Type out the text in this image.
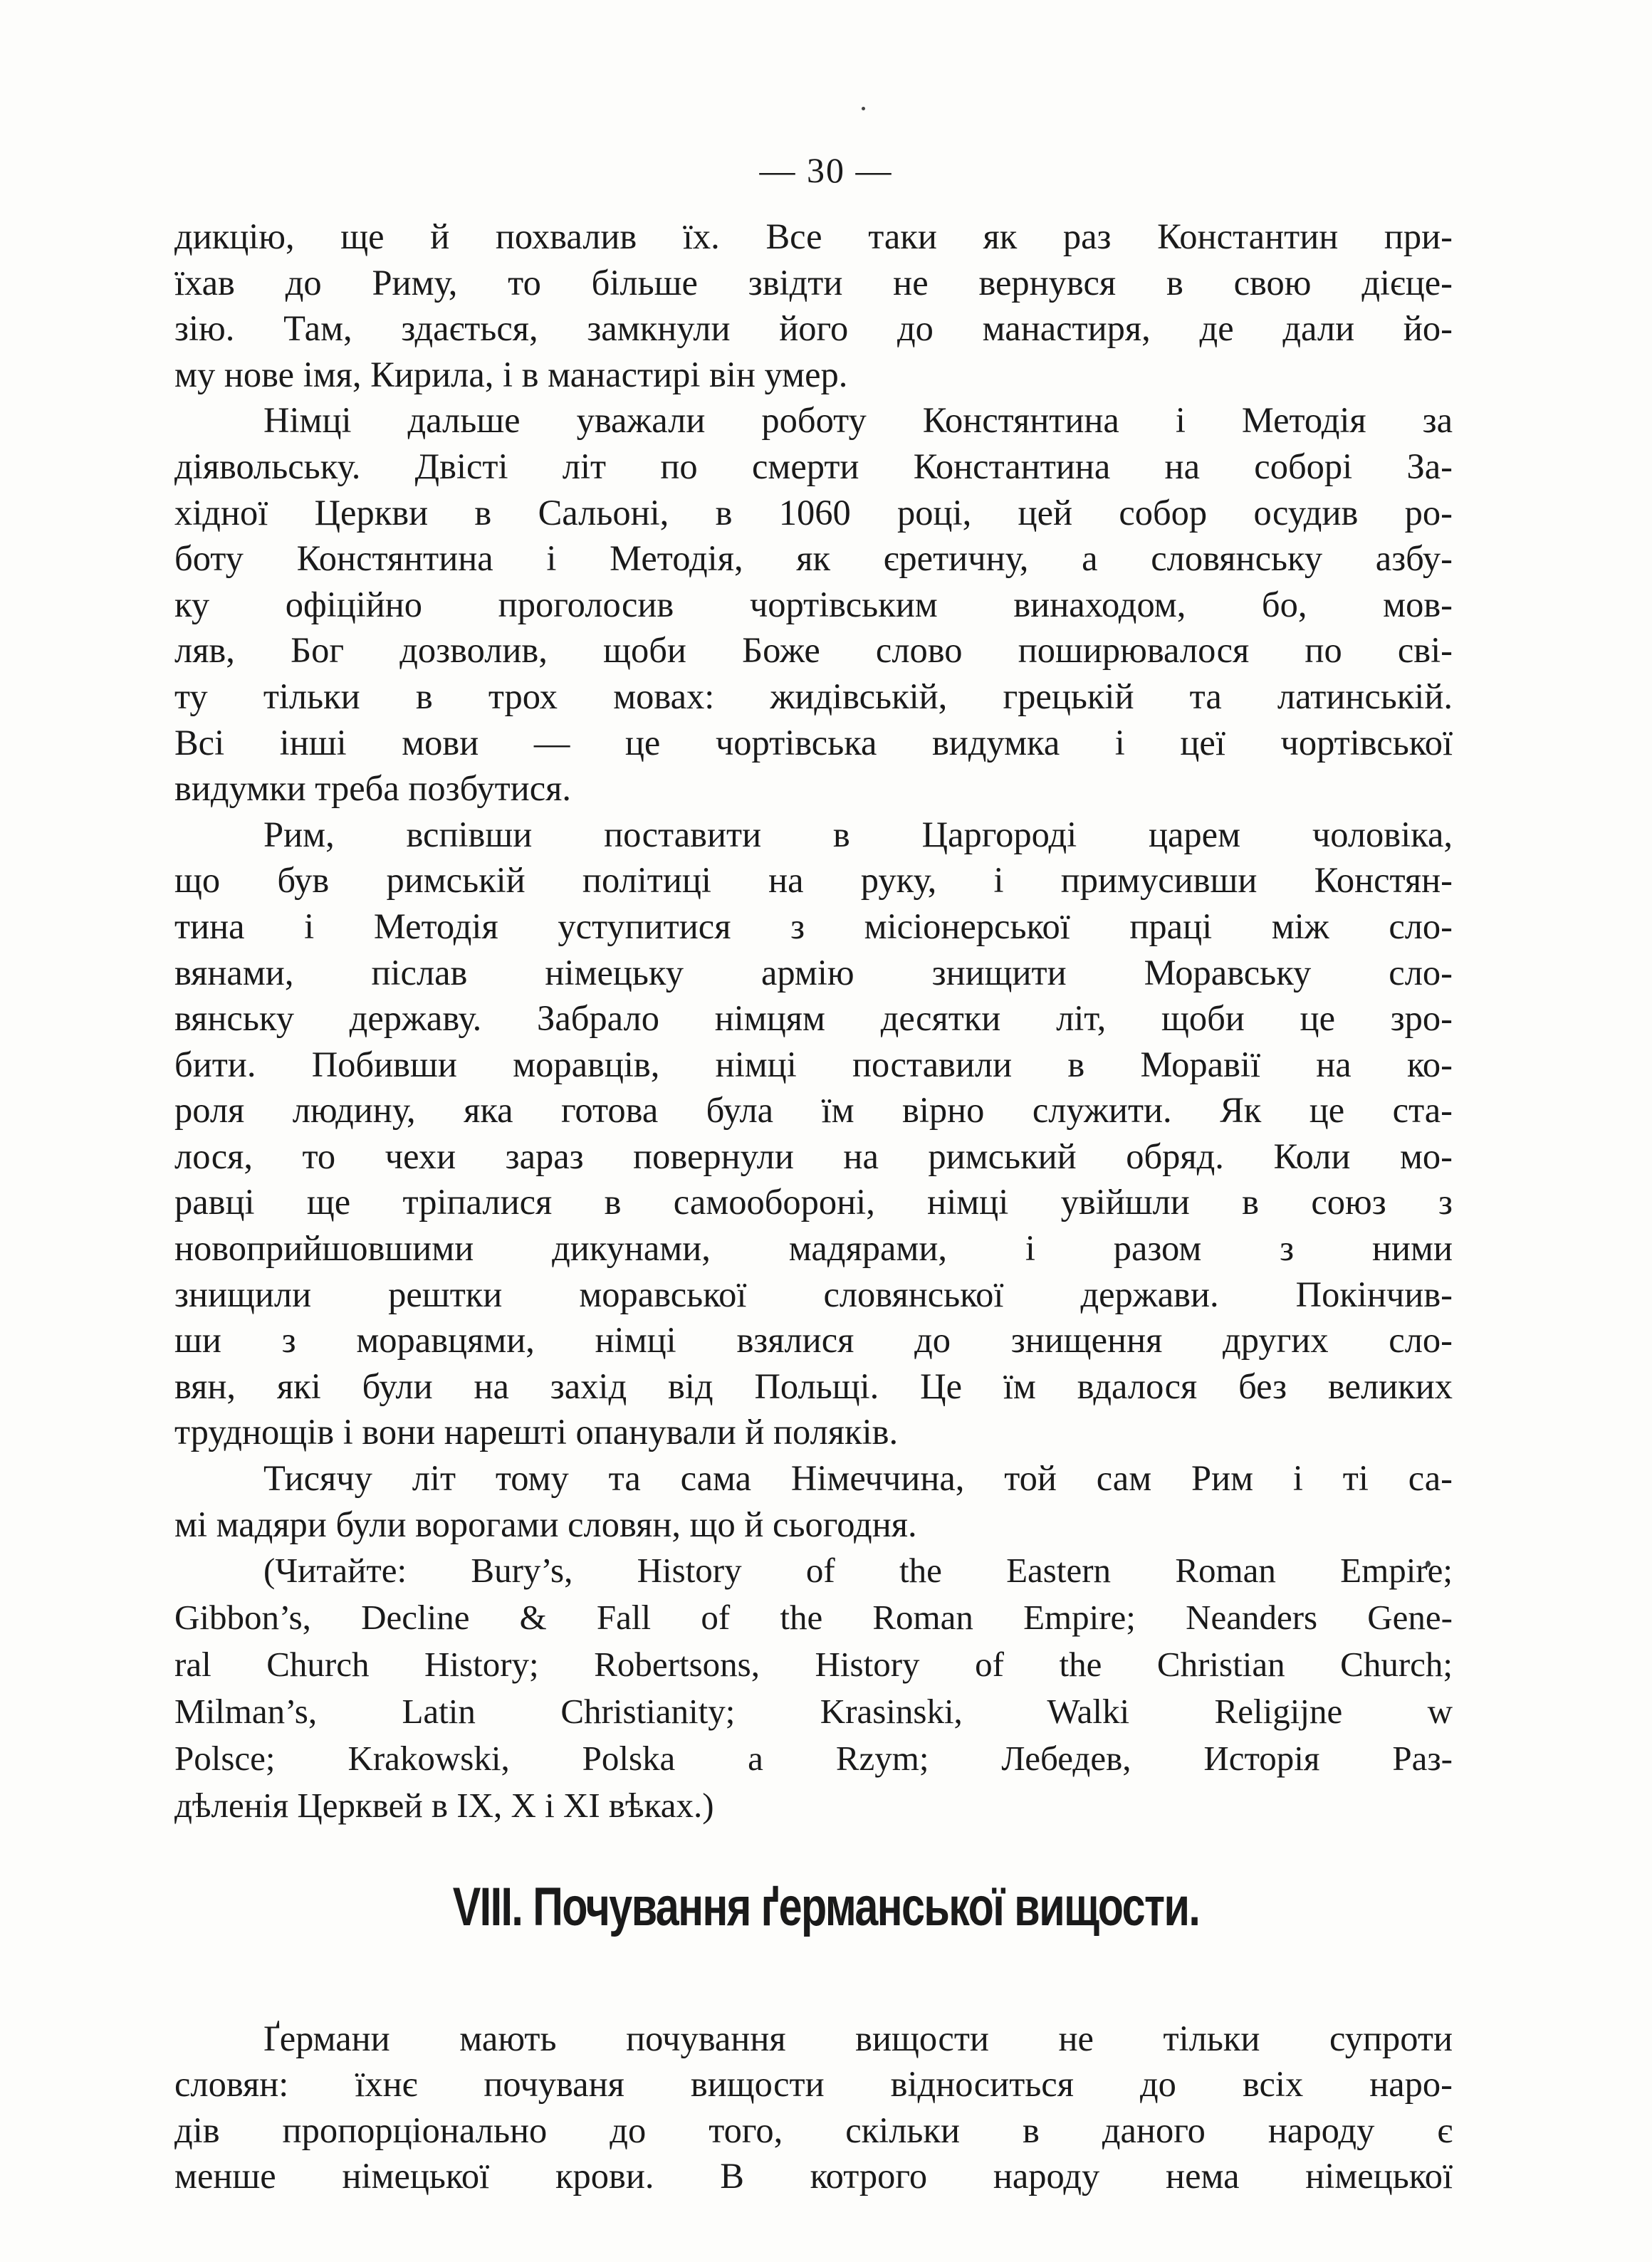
— 30 —

дикцію, ще й похвалив їх. Все таки як раз Константин при-
їхав до Риму, то більше звідти не вернувся в свою дієце-
зію. Там, здається, замкнули його до манастиря, де дали йо-
му нове імя, Кирила, і в манастирі він умер.

Німці дальше уважали роботу Констянтина і Методія за
діявольську. Двісті літ по смерти Константина на соборі За-
хідної Церкви в Сальоні, в 1060 році, цей собор осудив ро-
боту Констянтина і Методія, як єретичну, а словянську азбу-
ку офіційно проголосив чортівським винаходом, бо, мов-
ляв, Бог дозволив, щоби Боже слово поширювалося по сві-
ту тільки в трох мовах: жидівській, грецькій та латинській.
Всі інші мови — це чортівська видумка і цеї чортівської
видумки треба позбутися.

Рим, вспівши поставити в Царгороді царем чоловіка,
що був римській політиці на руку, і примусивши Констян-
тина і Методія уступитися з місіонерської праці між сло-
вянами, післав німецьку армію знищити Моравську сло-
вянську державу. Забрало німцям десятки літ, щоби це зро-
бити. Побивши моравців, німці поставили в Моравії на ко-
роля людину, яка готова була їм вірно служити. Як це ста-
лося, то чехи зараз повернули на римський обряд. Коли мо-
равці ще тріпалися в самообороні, німці увійшли в союз з
новоприйшовшими дикунами, мадярами, і разом з ними
знищили рештки моравської словянської держави. Покінчив-
ши з моравцями, німці взялися до знищення других сло-
вян, які були на захід від Польщі. Це їм вдалося без великих
труднощів і вони нарешті опанували й поляків.

Тисячу літ тому та сама Німеччина, той сам Рим і ті са-
мі мадяри були ворогами словян, що й сьогодня.

(Читайте: Bury’s, History of the Eastern Roman Empire;
Gibbon’s, Decline & Fall of the Roman Empire; Neanders Gene-
ral Church History; Robertsons, History of the Christian Church;
Milman’s, Latin Christianity; Krasinski, Walki Religijne w
Polsce; Krakowski, Polska a Rzym; Лебедев, Исторія Раз-
дѣленія Церквей в IX, X і XI вѣках.)

VIII. Почування ґерманської вищости.

Ґермани мають почування вищости не тільки супроти
словян: їхнє почуваня вищости відноситься до всіх наро-
дів пропорціонально до того, скільки в даного народу є
менше німецької крови. В котрого народу нема німецької
